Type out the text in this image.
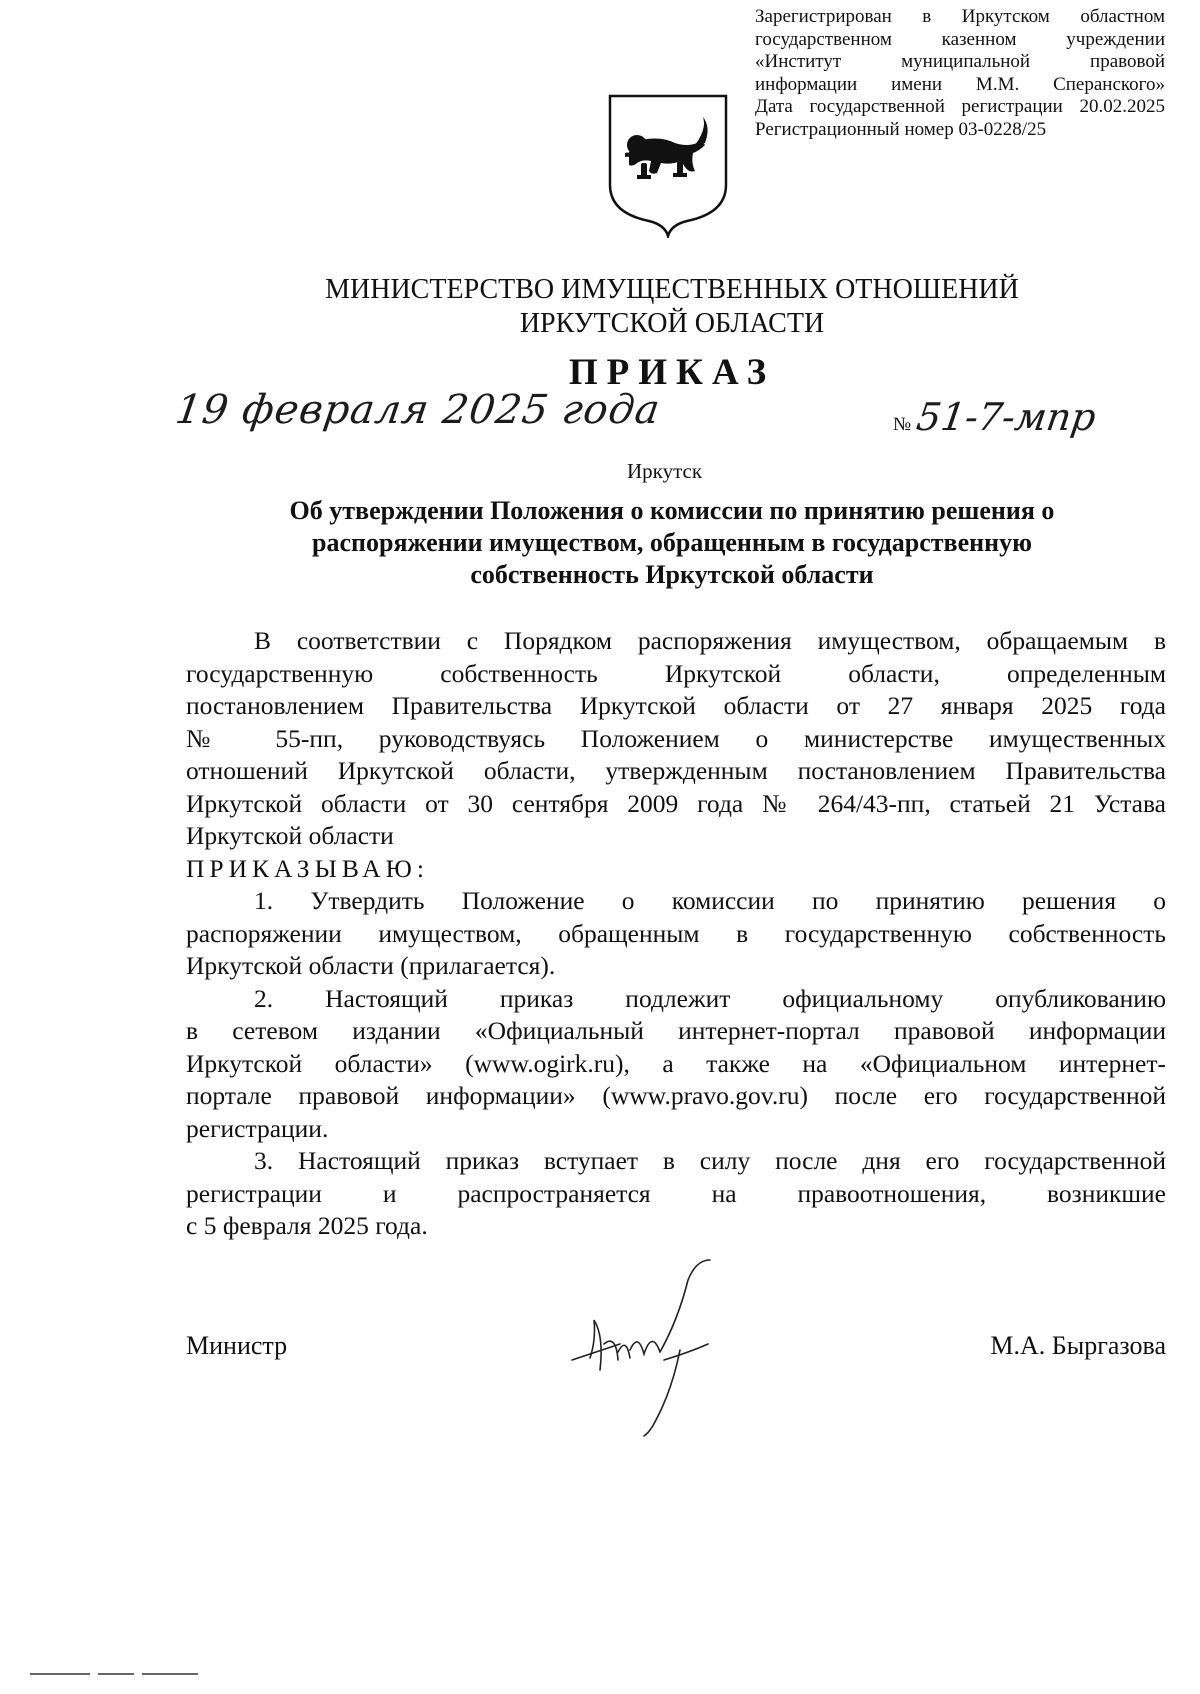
Зарегистрирован в Иркутском областном
государственном казенном учреждении
«Институт муниципальной правовой
информации имени М.М. Сперанского»
Дата государственной регистрации 20.02.2025
Регистрационный номер 03-0228/25
МИНИСТЕРСТВО ИМУЩЕСТВЕННЫХ ОТНОШЕНИЙ
ИРКУТСКОЙ ОБЛАСТИ
ПРИКАЗ
19 февраля 2025 года	№ 51-7-мпр
Иркутск
Об утверждении Положения о комиссии по принятию решения о
распоряжении имуществом, обращенным в государственную
собственность Иркутской области
В соответствии с Порядком распоряжения имуществом, обращаемым в
государственную собственность Иркутской области, определенным
постановлением Правительства Иркутской области от 27 января 2025 года
№ 55-пп, руководствуясь Положением о министерстве имущественных
отношений Иркутской области, утвержденным постановлением Правительства
Иркутской области от 30 сентября 2009 года № 264/43-пп, статьей 21 Устава
Иркутской области
ПРИКАЗЫВАЮ:
1. Утвердить Положение о комиссии по принятию решения о
распоряжении имуществом, обращенным в государственную собственность
Иркутской области (прилагается).
2. Настоящий приказ подлежит официальному опубликованию
в сетевом издании «Официальный интернет-портал правовой информации
Иркутской области» (www.ogirk.ru), а также на «Официальном интернет-
портале правовой информации» (www.pravo.gov.ru) после его государственной
регистрации.
3. Настоящий приказ вступает в силу после дня его государственной
регистрации и распространяется на правоотношения, возникшие
с 5 февраля 2025 года.
Министр	М.А. Быргазова
